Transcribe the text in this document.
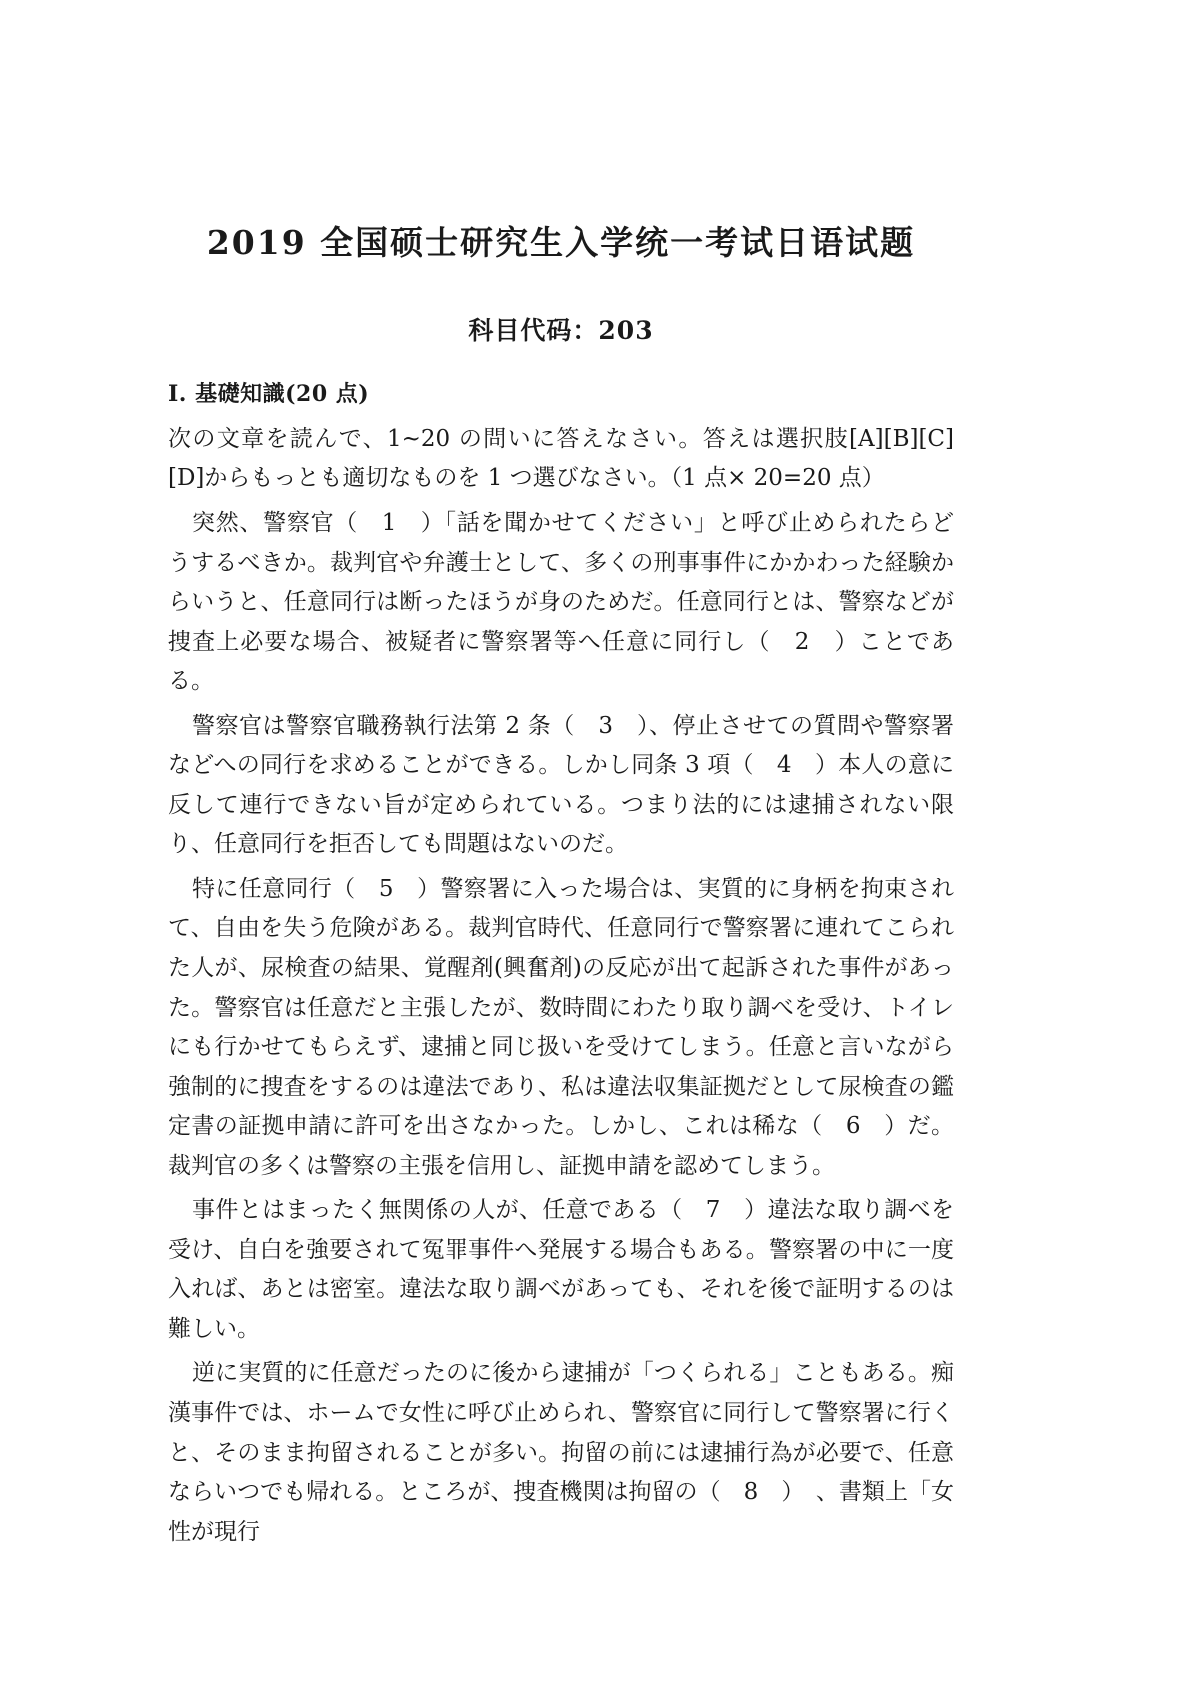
2019 全国硕士研究生入学统一考试日语试题
科目代码：203
I. 基礎知識(20 点)

次の文章を読んで、1~20 の問いに答えなさい。答えは選択肢[A][B][C][D]からもっとも適切なものを 1 つ選びなさい。（1 点× 20=20 点）

突然、警察官（　1　）「話を聞かせてください」と呼び止められたらどうするべきか。裁判官や弁護士として、多くの刑事事件にかかわった経験からいうと、任意同行は断ったほうが身のためだ。任意同行とは、警察などが捜査上必要な場合、被疑者に警察署等へ任意に同行し（　2　）ことである。

警察官は警察官職務執行法第 2 条（　3　）、停止させての質問や警察署などへの同行を求めることができる。しかし同条 3 項（　4　）本人の意に反して連行できない旨が定められている。つまり法的には逮捕されない限り、任意同行を拒否しても問題はないのだ。

特に任意同行（　5　）警察署に入った場合は、実質的に身柄を拘束されて、自由を失う危険がある。裁判官時代、任意同行で警察署に連れてこられた人が、尿検査の結果、覚醒剤(興奮剤)の反応が出て起訴された事件があった。警察官は任意だと主張したが、数時間にわたり取り調べを受け、トイレにも行かせてもらえず、逮捕と同じ扱いを受けてしまう。任意と言いながら強制的に捜査をするのは違法であり、私は違法収集証拠だとして尿検査の鑑定書の証拠申請に許可を出さなかった。しかし、これは稀な（　6　）だ。裁判官の多くは警察の主張を信用し、証拠申請を認めてしまう。

事件とはまったく無関係の人が、任意である（　7　）違法な取り調べを受け、自白を強要されて冤罪事件へ発展する場合もある。警察署の中に一度入れば、あとは密室。違法な取り調べがあっても、それを後で証明するのは難しい。

逆に実質的に任意だったのに後から逮捕が「つくられる」こともある。痴漢事件では、ホームで女性に呼び止められ、警察官に同行して警察署に行くと、そのまま拘留されることが多い。拘留の前には逮捕行為が必要で、任意ならいつでも帰れる。ところが、捜査機関は拘留の（　8　）　、書類上「女性が現行
